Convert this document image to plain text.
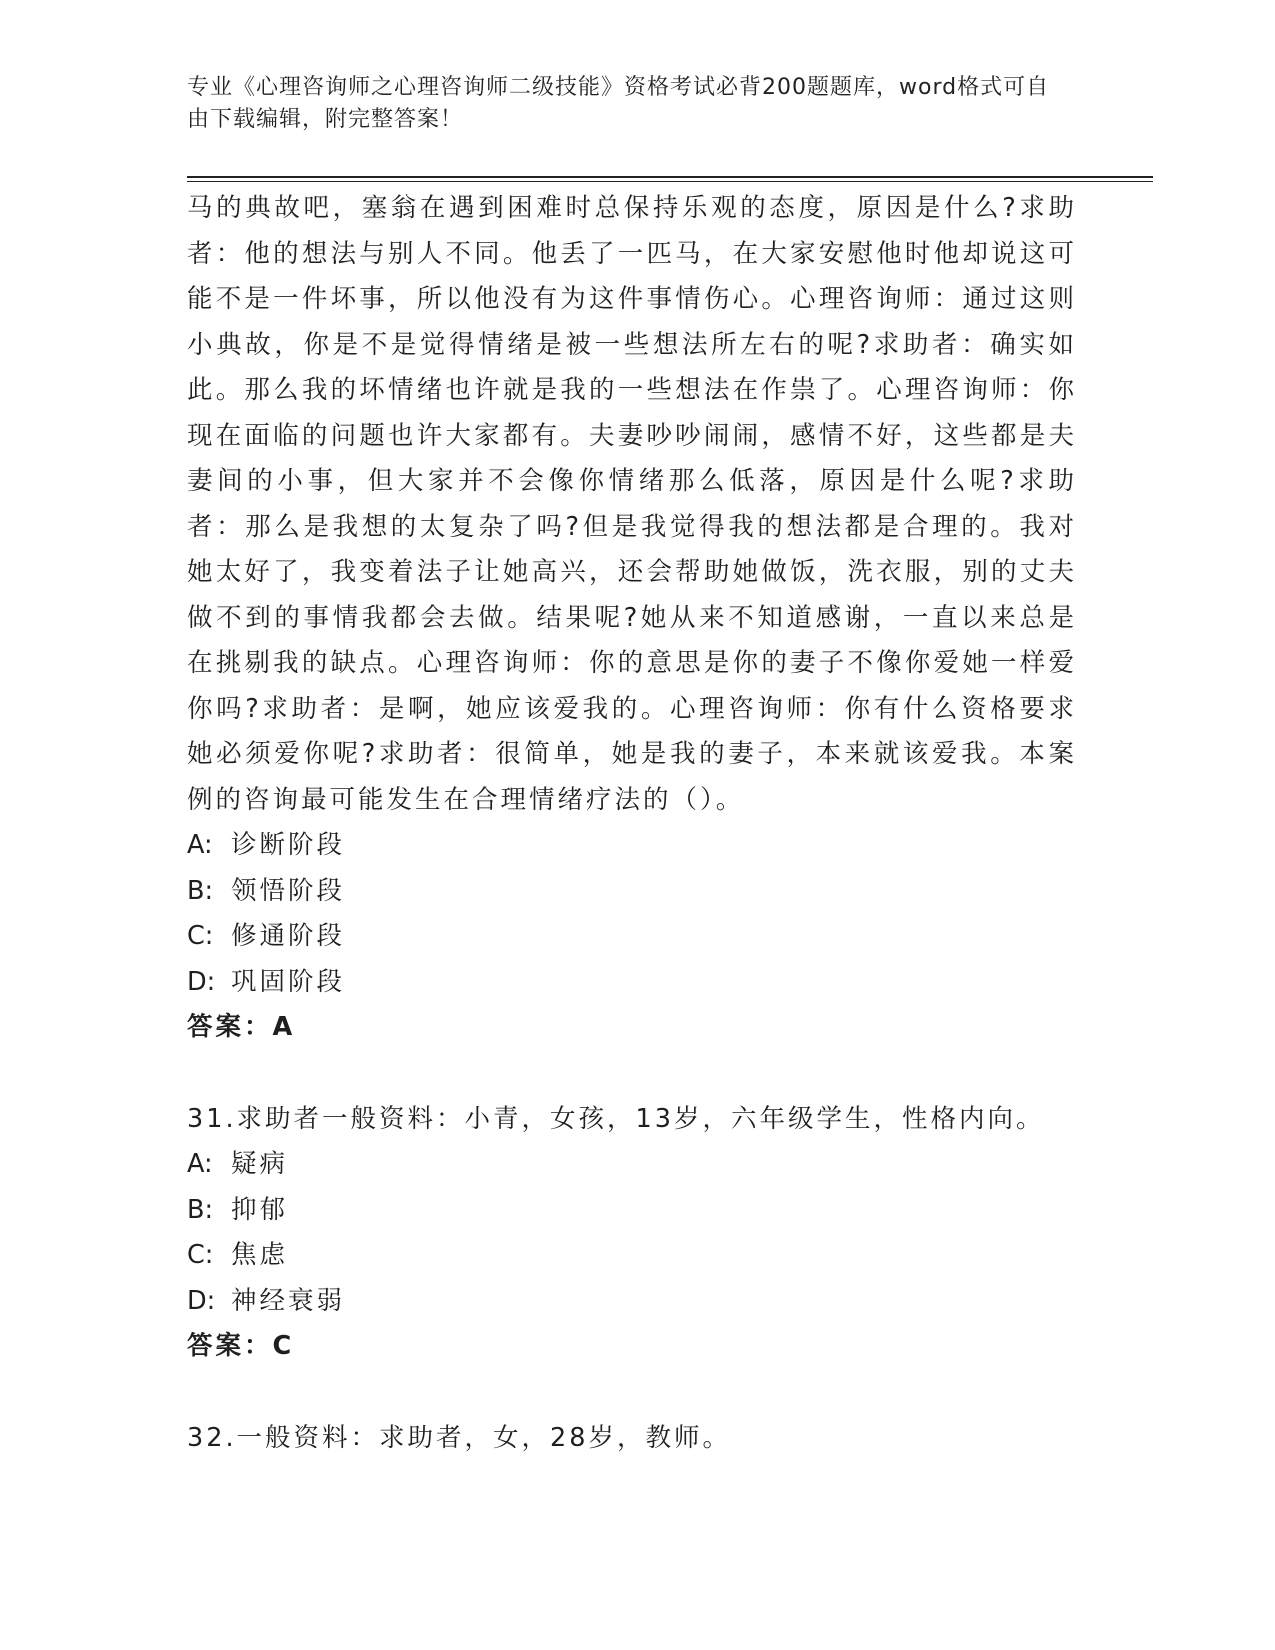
专业《心理咨询师之心理咨询师二级技能》资格考试必背200题题库，word格式可自由下载编辑，附完整答案！

马的典故吧，塞翁在遇到困难时总保持乐观的态度，原因是什么?求助者：他的想法与别人不同。他丢了一匹马，在大家安慰他时他却说这可能不是一件坏事，所以他没有为这件事情伤心。心理咨询师：通过这则小典故，你是不是觉得情绪是被一些想法所左右的呢?求助者：确实如此。那么我的坏情绪也许就是我的一些想法在作祟了。心理咨询师：你现在面临的问题也许大家都有。夫妻吵吵闹闹，感情不好，这些都是夫妻间的小事，但大家并不会像你情绪那么低落，原因是什么呢?求助者：那么是我想的太复杂了吗?但是我觉得我的想法都是合理的。我对她太好了，我变着法子让她高兴，还会帮助她做饭，洗衣服，别的丈夫做不到的事情我都会去做。结果呢?她从来不知道感谢，一直以来总是在挑剔我的缺点。心理咨询师：你的意思是你的妻子不像你爱她一样爱你吗?求助者：是啊，她应该爱我的。心理咨询师：你有什么资格要求她必须爱你呢?求助者：很简单，她是我的妻子，本来就该爱我。本案例的咨询最可能发生在合理情绪疗法的（）。

A: 诊断阶段

B: 领悟阶段

C: 修通阶段

D: 巩固阶段

答案：A

31.求助者一般资料：小青，女孩，13岁，六年级学生，性格内向。

A: 疑病

B: 抑郁

C: 焦虑

D: 神经衰弱

答案：C

32.一般资料：求助者，女，28岁，教师。
